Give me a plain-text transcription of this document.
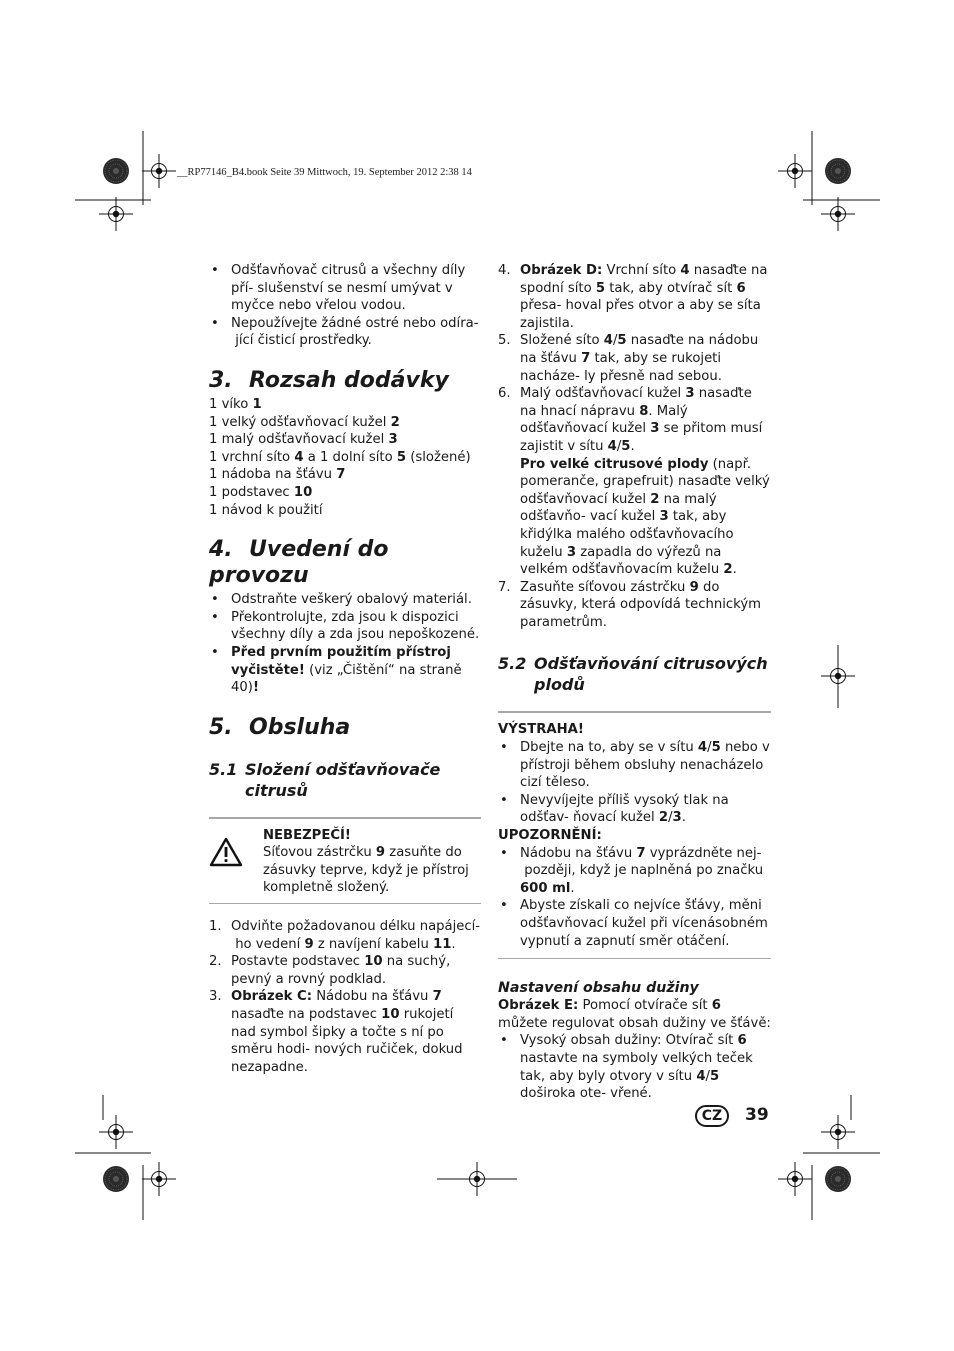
__RP77146_B4.book Seite 39 Mittwoch, 19. September 2012 2:38 14
• Odšťavňovač citrusů a všechny díly pří- slušenství se nesmí umývat v myčce nebo vřelou vodou.
• Nepoužívejte žádné ostré nebo odíra- jící čisticí prostředky.
3. Rozsah dodávky
1 víko 1
1 velký odšťavňovací kužel 2
1 malý odšťavňovací kužel 3
1 vrchní síto 4 a 1 dolní síto 5 (složené)
1 nádoba na šťávu 7
1 podstavec 10
1 návod k použití
4. Uvedení do provozu
• Odstraňte veškerý obalový materiál.
• Překontrolujte, zda jsou k dispozici všechny díly a zda jsou nepoškozené.
• Před prvním použitím přístroj vyčistěte! (viz „Čištění“ na straně 40)!
5. Obsluha
5.1 Složení odšťavňovače citrusů
NEBEZPEČÍ!
Síťovou zástrčku 9 zasuňte do zásuvky teprve, když je přístroj kompletně složený.
1. Odviňte požadovanou délku napájecí- ho vedení 9 z navíjení kabelu 11.
2. Postavte podstavec 10 na suchý, pevný a rovný podklad.
3. Obrázek C: Nádobu na šťávu 7 nasaďte na podstavec 10 rukojetí nad symbol šipky a točte s ní po směru hodi- nových ručiček, dokud nezapadne.
4. Obrázek D: Vrchní síto 4 nasaďte na spodní síto 5 tak, aby otvírač sít 6 přesa- hoval přes otvor a aby se síta zajistila.
5. Složené síto 4/5 nasaďte na nádobu na šťávu 7 tak, aby se rukojeti nacháze- ly přesně nad sebou.
6. Malý odšťavňovací kužel 3 nasaďte na hnací nápravu 8. Malý odšťavňovací kužel 3 se přitom musí zajistit v sítu 4/5.
Pro velké citrusové plody (např. pomeranče, grapefruit) nasaďte velký odšťavňovací kužel 2 na malý odšťavňo- vací kužel 3 tak, aby křidýlka malého odšťavňovacího kuželu 3 zapadla do výřezů na velkém odšťavňovacím kuželu 2.
7. Zasuňte síťovou zástrčku 9 do zásuvky, která odpovídá technickým parametrům.
5.2 Odšťavňování citrusových plodů
VÝSTRAHA!
• Dbejte na to, aby se v sítu 4/5 nebo v přístroji během obsluhy nenacházelo cizí těleso.
• Nevyvíjejte příliš vysoký tlak na odšťav- ňovací kužel 2/3.
UPOZORNĚNÍ:
• Nádobu na šťávu 7 vyprázdněte nej- později, když je naplněná po značku 600 ml.
• Abyste získali co nejvíce šťávy, měni odšťavňovací kužel při vícenásobném vypnutí a zapnutí směr otáčení.
Nastavení obsahu dužiny
Obrázek E: Pomocí otvírače sít 6 můžete regulovat obsah dužiny ve šťávě:
• Vysoký obsah dužiny: Otvírač sít 6 nastavte na symboly velkých teček tak, aby byly otvory v sítu 4/5 doširoka ote- vřené.
CZ	39
